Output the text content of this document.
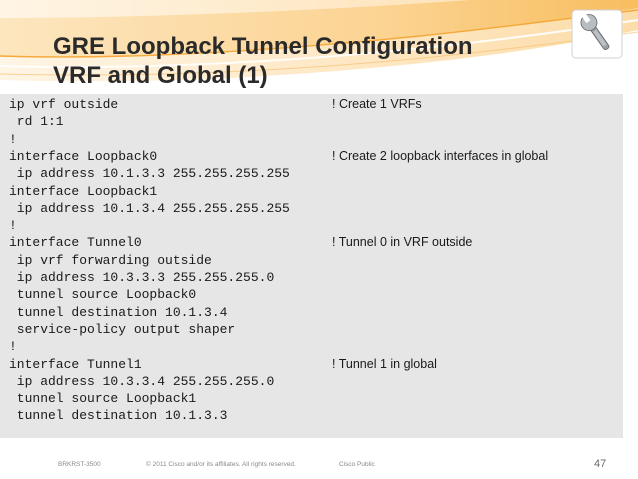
GRE Loopback Tunnel Configuration
VRF and Global (1)
ip vrf outside
rd 1:1
!
interface Loopback0
ip address 10.1.3.3 255.255.255.255
interface Loopback1
ip address 10.1.3.4 255.255.255.255
!
interface Tunnel0
ip vrf forwarding outside
ip address 10.3.3.3 255.255.255.0
tunnel source Loopback0
tunnel destination 10.1.3.4
service-policy output shaper
!
interface Tunnel1
ip address 10.3.3.4 255.255.255.0
tunnel source Loopback1
tunnel destination 10.1.3.3
! Create 1 VRFs
! Create 2 loopback interfaces in global
! Tunnel 0 in VRF outside
! Tunnel 1 in global
BRKRST-3500	© 2011 Cisco and/or its affiliates. All rights reserved.	Cisco Public	47
